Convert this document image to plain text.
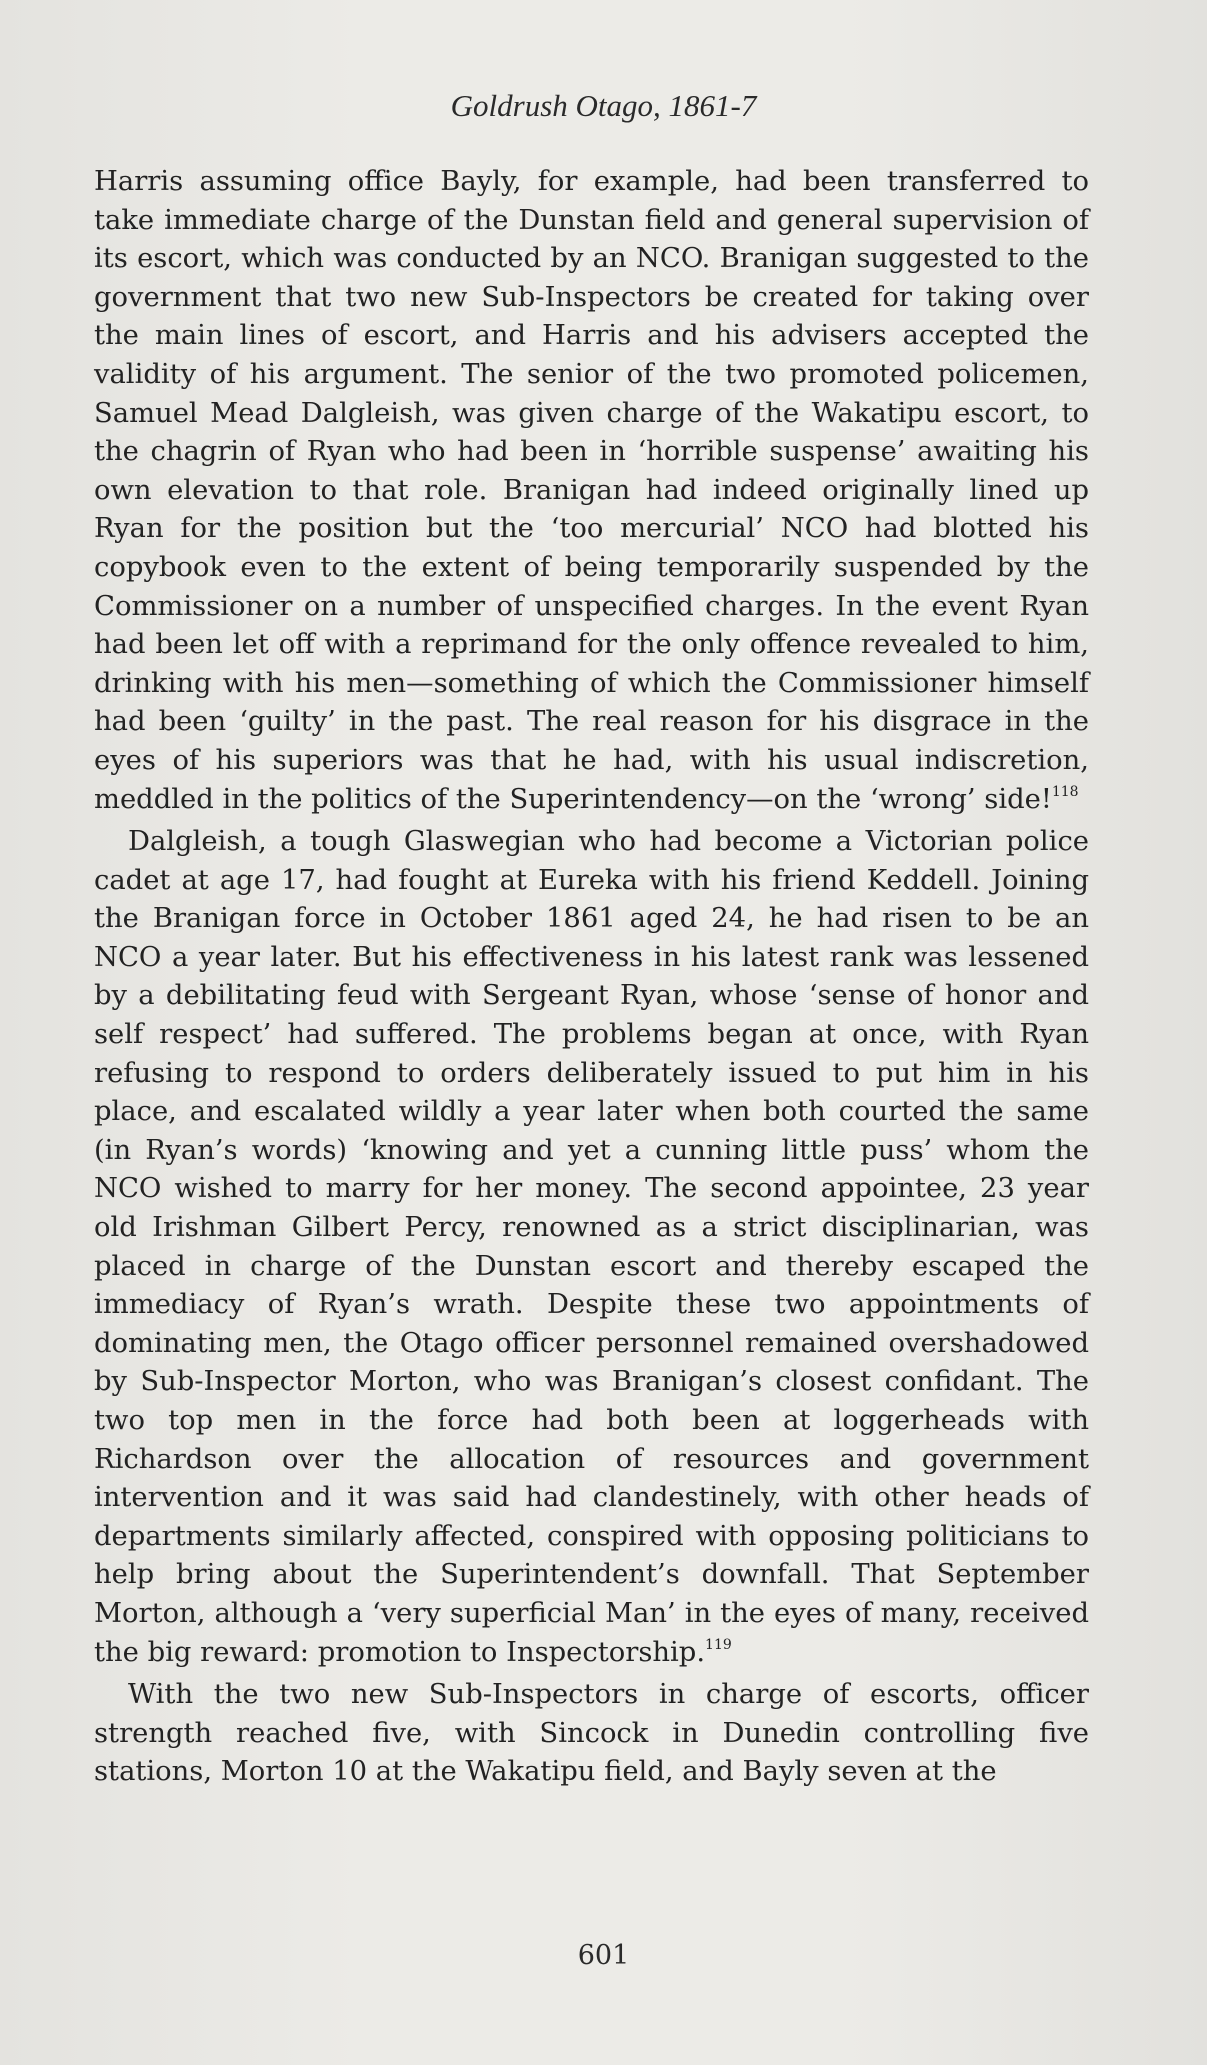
Goldrush Otago, 1861-7

Harris assuming office Bayly, for example, had been transferred to take immediate charge of the Dunstan field and general supervision of its escort, which was conducted by an NCO. Branigan suggested to the government that two new Sub-Inspectors be created for taking over the main lines of escort, and Harris and his advisers accepted the validity of his argument. The senior of the two promoted policemen, Samuel Mead Dalgleish, was given charge of the Wakatipu escort, to the chagrin of Ryan who had been in ‘horrible suspense’ awaiting his own elevation to that role. Branigan had indeed originally lined up Ryan for the position but the ‘too mercurial’ NCO had blotted his copybook even to the extent of being temporarily suspended by the Commissioner on a number of unspecified charges. In the event Ryan had been let off with a reprimand for the only offence revealed to him, drinking with his men—something of which the Commissioner himself had been ‘guilty’ in the past. The real reason for his disgrace in the eyes of his superiors was that he had, with his usual indiscretion, meddled in the politics of the Superintendency—on the ‘wrong’ side!$^{118}$

Dalgleish, a tough Glaswegian who had become a Victorian police cadet at age 17, had fought at Eureka with his friend Keddell. Joining the Branigan force in October 1861 aged 24, he had risen to be an NCO a year later. But his effectiveness in his latest rank was lessened by a debilitating feud with Sergeant Ryan, whose ‘sense of honor and self respect’ had suffered. The problems began at once, with Ryan refusing to respond to orders deliberately issued to put him in his place, and escalated wildly a year later when both courted the same (in Ryan’s words) ‘knowing and yet a cunning little puss’ whom the NCO wished to marry for her money. The second appointee, 23 year old Irishman Gilbert Percy, renowned as a strict disciplinarian, was placed in charge of the Dunstan escort and thereby escaped the immediacy of Ryan’s wrath. Despite these two appointments of dominating men, the Otago officer personnel remained overshadowed by Sub-Inspector Morton, who was Branigan’s closest confidant. The two top men in the force had both been at loggerheads with Richardson over the allocation of resources and government intervention and it was said had clandestinely, with other heads of departments similarly affected, conspired with opposing politicians to help bring about the Superintendent’s downfall. That September Morton, although a ‘very superficial Man’ in the eyes of many, received the big reward: promotion to Inspectorship.$^{119}$

With the two new Sub-Inspectors in charge of escorts, officer strength reached five, with Sincock in Dunedin controlling five stations, Morton 10 at the Wakatipu field, and Bayly seven at the

601
